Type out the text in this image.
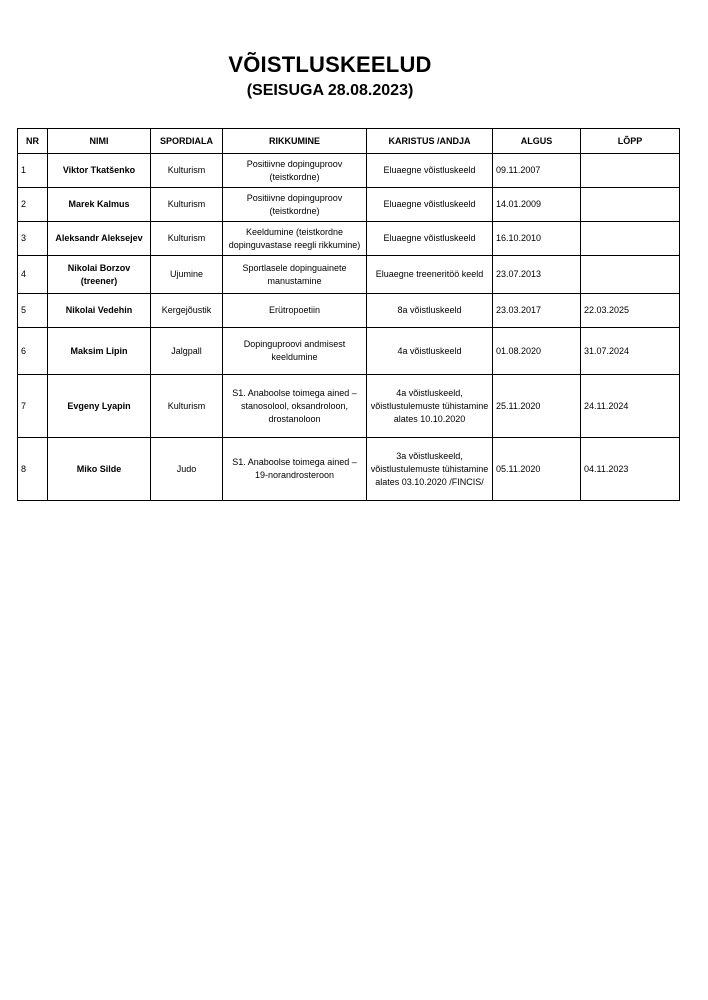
VÕISTLUSKEELUD
(SEISUGA 28.08.2023)
NR	NIMI	SPORDIALA	RIKKUMINE	KARISTUS /ANDJA	ALGUS	LÕPP
1	Viktor Tkatšenko	Kulturism	Positiivne dopinguproov (teistkordne)	Eluaegne võistluskeeld	09.11.2007	
2	Marek Kalmus	Kulturism	Positiivne dopinguproov (teistkordne)	Eluaegne võistluskeeld	14.01.2009	
3	Aleksandr Aleksejev	Kulturism	Keeldumine (teistkordne dopinguvastase reegli rikkumine)	Eluaegne võistluskeeld	16.10.2010	
4	Nikolai Borzov (treener)	Ujumine	Sportlasele dopinguainete manustamine	Eluaegne treeneritöö keeld	23.07.2013	
5	Nikolai Vedehin	Kergejõustik	Erütropoetiin	8a võistluskeeld	23.03.2017	22.03.2025
6	Maksim Lipin	Jalgpall	Dopinguproovi andmisest keeldumine	4a võistluskeeld	01.08.2020	31.07.2024
7	Evgeny Lyapin	Kulturism	S1. Anaboolse toimega ained – stanosolool, oksandroloon, drostanoloon	4a võistluskeeld, võistlustulemuste tühistamine alates 10.10.2020	25.11.2020	24.11.2024
8	Miko Silde	Judo	S1. Anaboolse toimega ained – 19-norandrosteroon	3a võistluskeeld, võistlustulemuste tühistamine alates 03.10.2020 /FINCIS/	05.11.2020	04.11.2023
